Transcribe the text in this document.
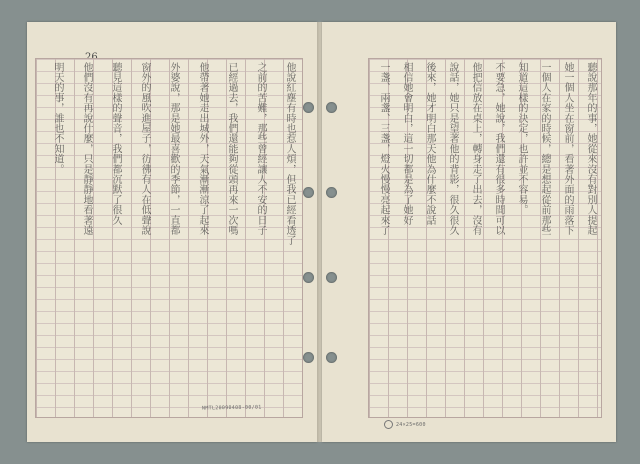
他說紅塵有時也惹人煩，但我已經看透了
之前的苦難，那些曾經讓人不安的日子
已經過去，我們還能夠從頭再來一次嗎
他帶著她走出城外，天氣漸漸涼了起來
外婆說，那是她最喜歡的季節，一直都
窗外的風吹進屋子，彷彿有人在低聲說
聽見這樣的聲音，我們都沉默了很久
他們沒有再說什麼，只是靜靜地看著遠
明天的事，誰也不知道。	聽說那年的事，她從來沒有對別人提起
她一個人坐在窗前，看著外面的雨落下
一個人在家的時候，總是想起從前那些
知道這樣的決定，也許並不容易。
不要急，她說，我們還有很多時間可以
他把信放在桌上，轉身走了出去，沒有
說話，她只是望著他的背影，很久很久
後來，她才明白那天他為什麼不說話
相信她會明白，這一切都是為了她好
一盞、兩盞、三盞，燈火慢慢亮起來了
24×25=600
NMTL20090408-00/01
